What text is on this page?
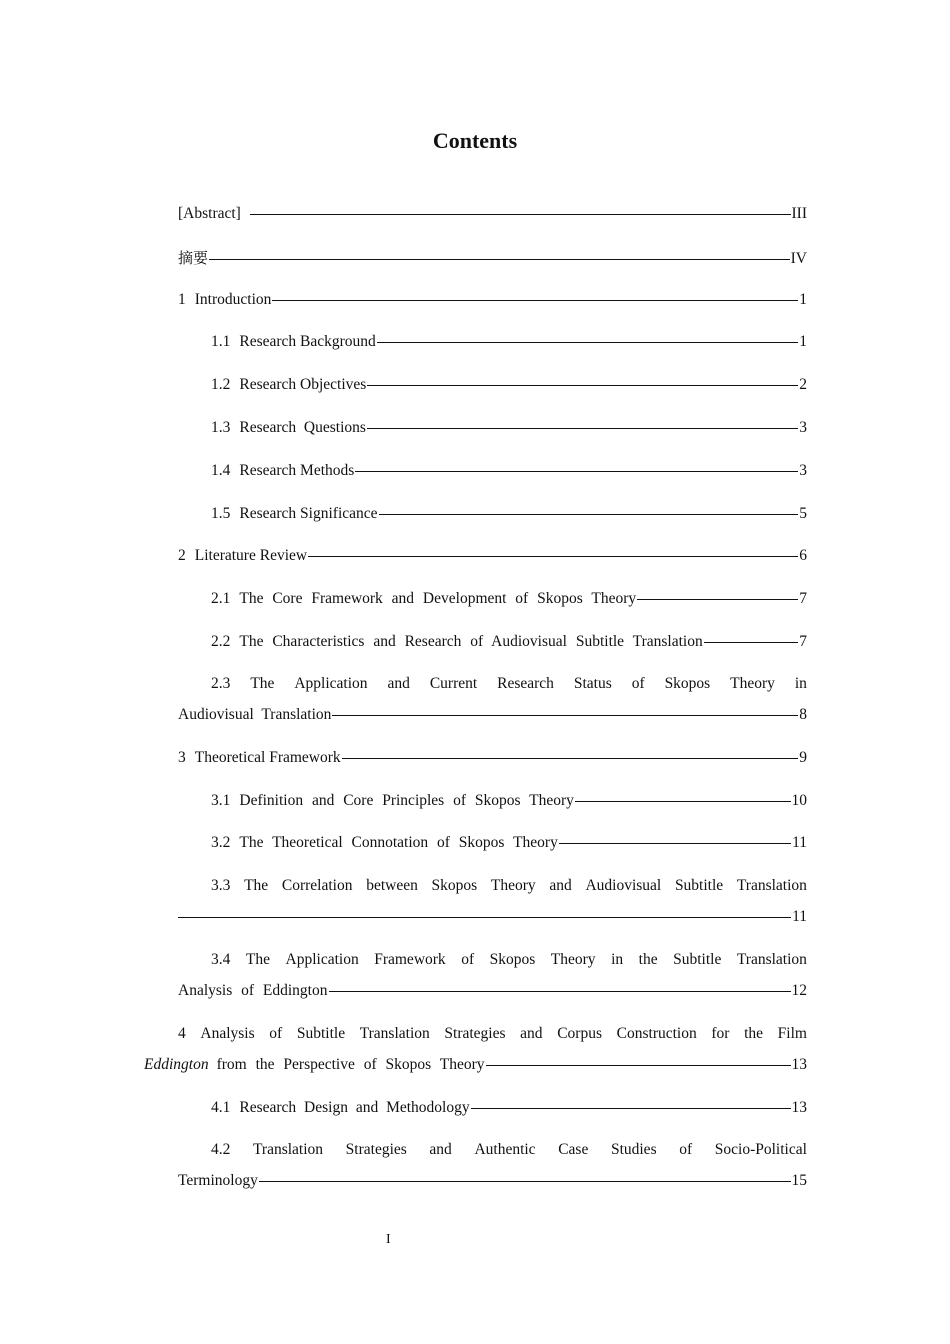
Contents
[Abstract]	III
摘要	IV
1 Introduction	1
1.1 Research Background	1
1.2 Research Objectives	2
1.3 Research  Questions	3
1.4 Research Methods	3
1.5 Research Significance	5
2 Literature Review	6
2.1 The Core Framework and Development of Skopos Theory	7
2.2 The Characteristics and Research of Audiovisual Subtitle Translation	7
2.3 The Application and Current Research Status of Skopos Theory in
Audiovisual Translation	8
3 Theoretical Framework	9
3.1 Definition and Core Principles of Skopos Theory	10
3.2 The Theoretical Connotation of Skopos Theory	11
3.3 The Correlation between Skopos Theory and Audiovisual Subtitle Translation
11
3.4 The Application Framework of Skopos Theory in the Subtitle Translation
Analysis of Eddington	12
4 Analysis of Subtitle Translation Strategies and Corpus Construction for the Film
Eddington from the Perspective of Skopos Theory	13
4.1 Research Design and Methodology	13
4.2 Translation Strategies and Authentic Case Studies of Socio-Political
Terminology	15
I
